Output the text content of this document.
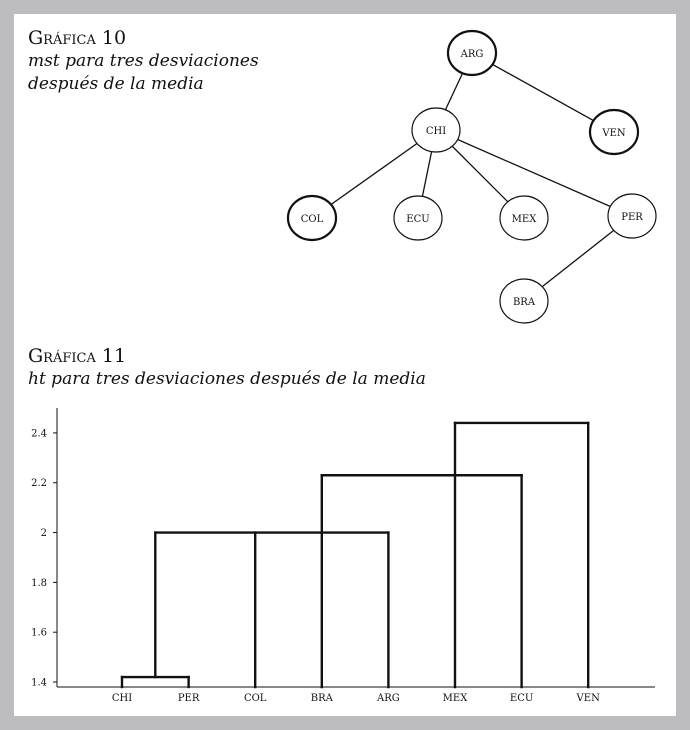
Gráfica 10
mst para tres desviaciones
después de la media
ARG
VEN
CHI
COL	ECU	MEX	PER
BRA
Gráfica 11
ht para tres desviaciones después de la media
1.4
1.6
1.8
2
2.2
2.4
CHI	PER	COL	BRA	ARG	MEX	ECU	VEN
